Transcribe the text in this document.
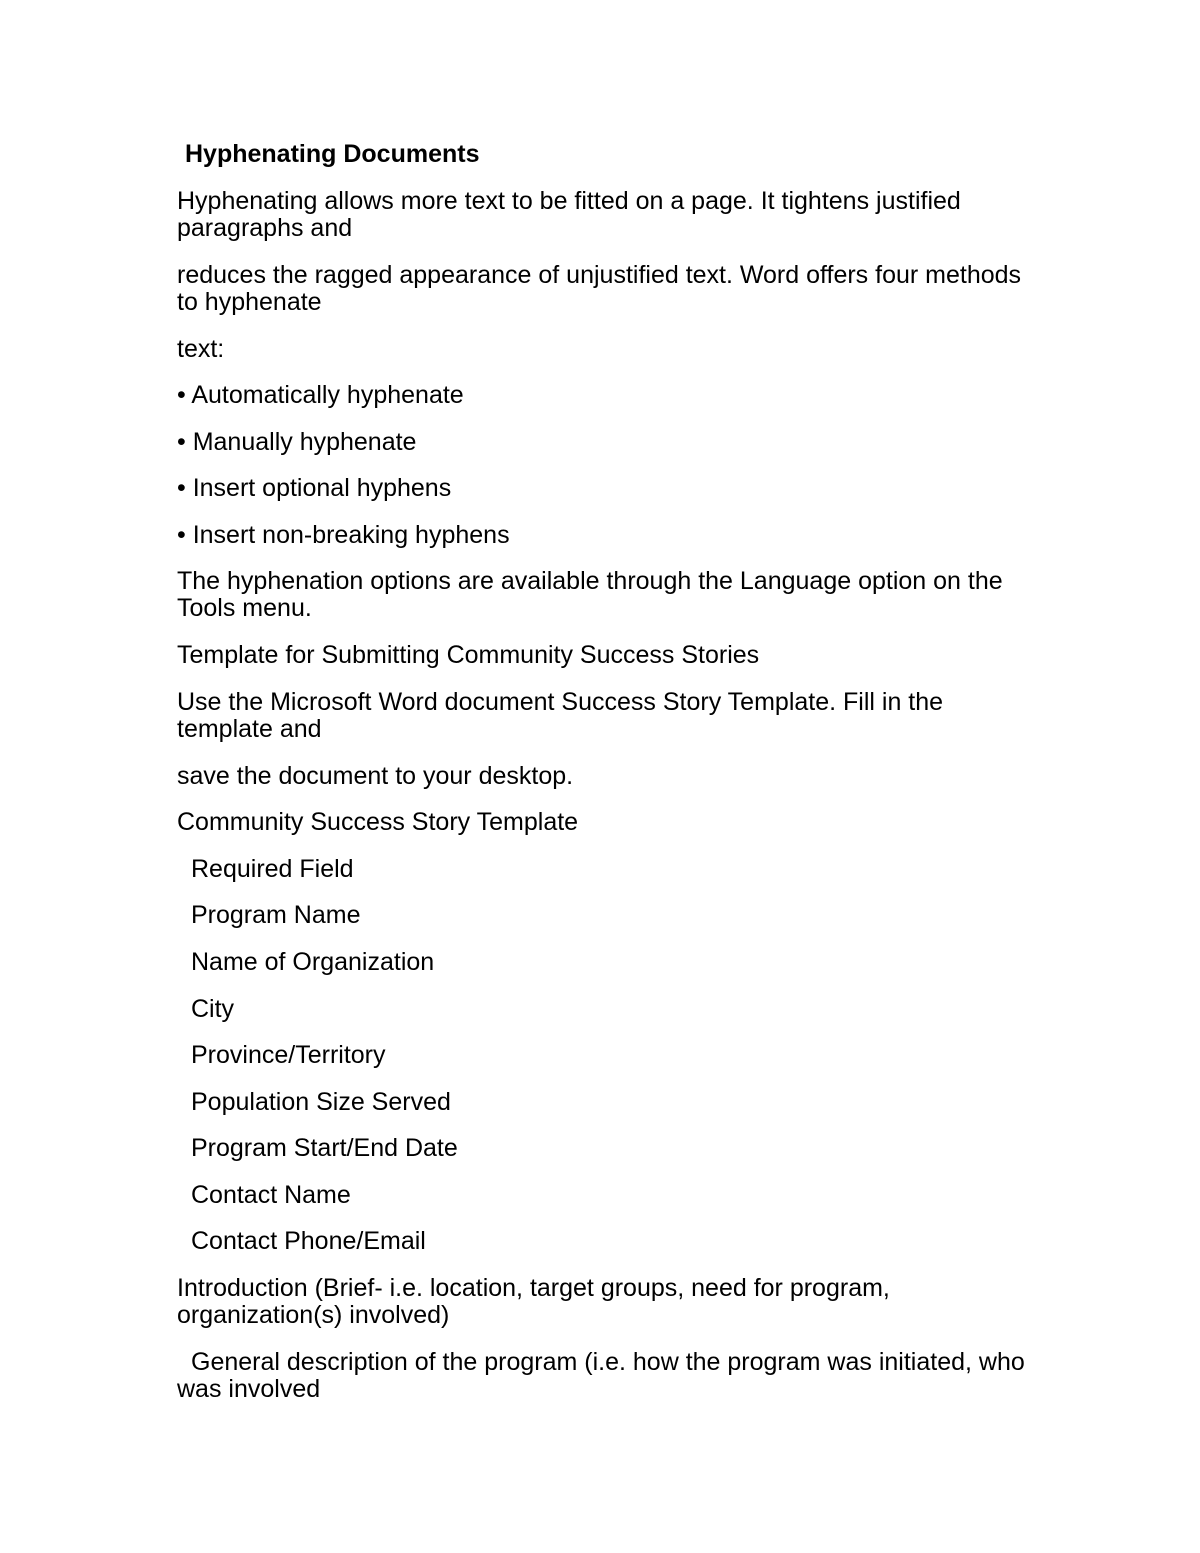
Hyphenating Documents
Hyphenating allows more text to be fitted on a page. It tightens justified paragraphs and
reduces the ragged appearance of unjustified text. Word offers four methods to hyphenate
text:
• Automatically hyphenate
• Manually hyphenate
• Insert optional hyphens
• Insert non-breaking hyphens
The hyphenation options are available through the Language option on the Tools menu.
Template for Submitting Community Success Stories
Use the Microsoft Word document Success Story Template. Fill in the template and
save the document to your desktop.
Community Success Story Template
Required Field
Program Name
Name of Organization
City
Province/Territory
Population Size Served
Program Start/End Date
Contact Name
Contact Phone/Email
Introduction (Brief- i.e. location, target groups, need for program, organization(s) involved)
General description of the program (i.e. how the program was initiated, who was involved
